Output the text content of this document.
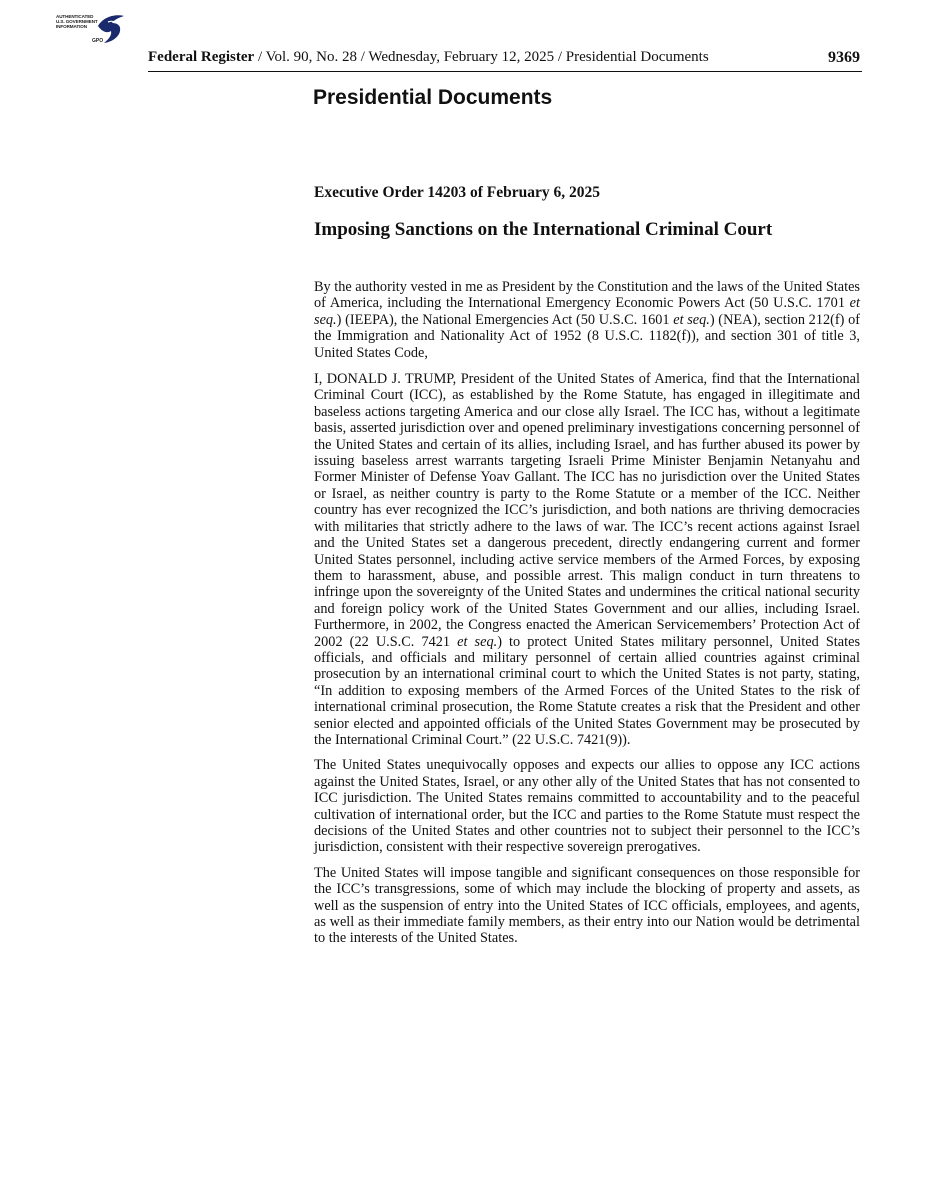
AUTHENTICATED
U.S. GOVERNMENT
INFORMATION
GPO
Federal Register / Vol. 90, No. 28 / Wednesday, February 12, 2025 / Presidential Documents	9369
Presidential Documents
Executive Order 14203 of February 6, 2025
Imposing Sanctions on the International Criminal Court

By the authority vested in me as President by the Constitution and the laws of the United States of America, including the International Emergency Economic Powers Act (50 U.S.C. 1701 et seq.) (IEEPA), the National Emergencies Act (50 U.S.C. 1601 et seq.) (NEA), section 212(f) of the Immigration and Nationality Act of 1952 (8 U.S.C. 1182(f)), and section 301 of title 3, United States Code,

I, DONALD J. TRUMP, President of the United States of America, find that the International Criminal Court (ICC), as established by the Rome Statute, has engaged in illegitimate and baseless actions targeting America and our close ally Israel. The ICC has, without a legitimate basis, asserted jurisdiction over and opened preliminary investigations concerning personnel of the United States and certain of its allies, including Israel, and has further abused its power by issuing baseless arrest warrants targeting Israeli Prime Minister Benjamin Netanyahu and Former Minister of Defense Yoav Gallant. The ICC has no jurisdiction over the United States or Israel, as neither country is party to the Rome Statute or a member of the ICC. Neither country has ever recognized the ICC’s jurisdiction, and both nations are thriving democracies with militaries that strictly adhere to the laws of war. The ICC’s recent actions against Israel and the United States set a dangerous precedent, directly endangering current and former United States personnel, including active service members of the Armed Forces, by exposing them to harassment, abuse, and possible arrest. This malign conduct in turn threatens to infringe upon the sovereignty of the United States and undermines the critical national security and foreign policy work of the United States Government and our allies, including Israel. Furthermore, in 2002, the Congress enacted the American Servicemembers’ Protection Act of 2002 (22 U.S.C. 7421 et seq.) to protect United States military personnel, United States officials, and officials and military personnel of certain allied countries against criminal prosecution by an international criminal court to which the United States is not party, stating, “In addition to exposing members of the Armed Forces of the United States to the risk of international criminal prosecution, the Rome Statute creates a risk that the President and other senior elected and appointed officials of the United States Government may be prosecuted by the International Criminal Court.” (22 U.S.C. 7421(9)).

The United States unequivocally opposes and expects our allies to oppose any ICC actions against the United States, Israel, or any other ally of the United States that has not consented to ICC jurisdiction. The United States remains committed to accountability and to the peaceful cultivation of international order, but the ICC and parties to the Rome Statute must respect the decisions of the United States and other countries not to subject their personnel to the ICC’s jurisdiction, consistent with their respective sovereign prerogatives.

The United States will impose tangible and significant consequences on those responsible for the ICC’s transgressions, some of which may include the blocking of property and assets, as well as the suspension of entry into the United States of ICC officials, employees, and agents, as well as their immediate family members, as their entry into our Nation would be detrimental to the interests of the United States.
